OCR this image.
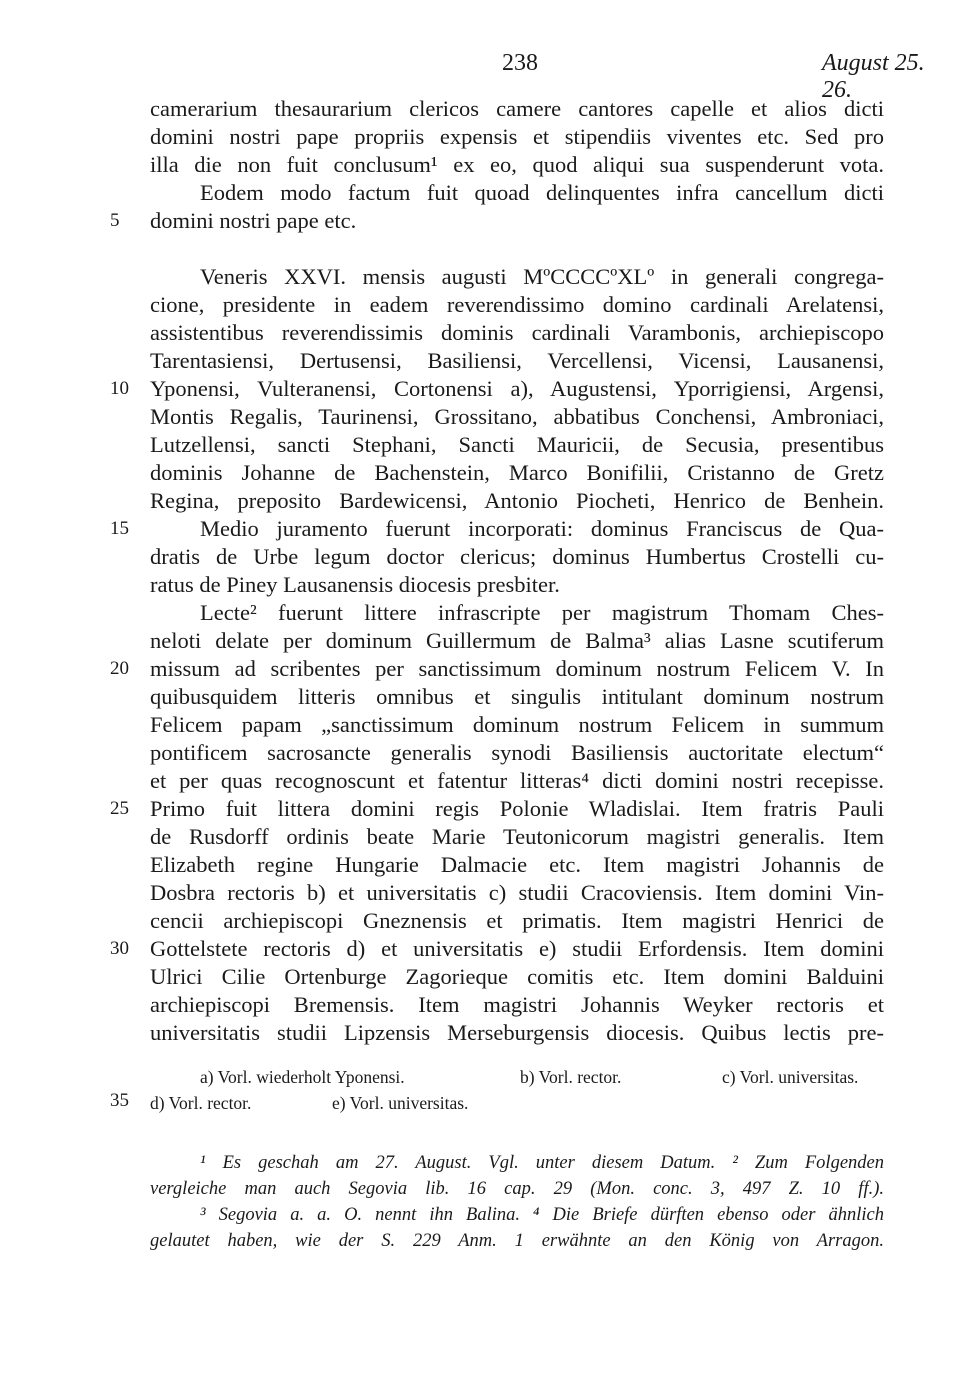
238	August 25. 26.
camerarium thesaurarium clericos camere cantores capelle et alios dicti
domini nostri pape propriis expensis et stipendiis viventes etc. Sed pro
illa die non fuit conclusum¹ ex eo, quod aliqui sua suspenderunt vota.
Eodem modo factum fuit quoad delinquentes infra cancellum dicti
domini nostri pape etc.
Veneris XXVI. mensis augusti MºCCCCºXLº in generali congrega-
cione, presidente in eadem reverendissimo domino cardinali Arelatensi,
assistentibus reverendissimis dominis cardinali Varambonis, archiepiscopo
Tarentasiensi, Dertusensi, Basiliensi, Vercellensi, Vicensi, Lausanensi,
Yponensi, Vulteranensi, Cortonensi a), Augustensi, Yporrigiensi, Argensi,
Montis Regalis, Taurinensi, Grossitano, abbatibus Conchensi, Ambroniaci,
Lutzellensi, sancti Stephani, Sancti Mauricii, de Secusia, presentibus
dominis Johanne de Bachenstein, Marco Bonifilii, Cristanno de Gretz
Regina, preposito Bardewicensi, Antonio Piocheti, Henrico de Benhein.
Medio juramento fuerunt incorporati: dominus Franciscus de Qua-
dratis de Urbe legum doctor clericus; dominus Humbertus Crostelli cu-
ratus de Piney Lausanensis diocesis presbiter.
Lecte² fuerunt littere infrascripte per magistrum Thomam Ches-
neloti delate per dominum Guillermum de Balma³ alias Lasne scutiferum
missum ad scribentes per sanctissimum dominum nostrum Felicem V. In
quibusquidem litteris omnibus et singulis intitulant dominum nostrum
Felicem papam „sanctissimum dominum nostrum Felicem in summum
pontificem sacrosancte generalis synodi Basiliensis auctoritate electum“
et per quas recognoscunt et fatentur litteras⁴ dicti domini nostri recepisse.
Primo fuit littera domini regis Polonie Wladislai. Item fratris Pauli
de Rusdorff ordinis beate Marie Teutonicorum magistri generalis. Item
Elizabeth regine Hungarie Dalmacie etc. Item magistri Johannis de
Dosbra rectoris b) et universitatis c) studii Cracoviensis. Item domini Vin-
cencii archiepiscopi Gneznensis et primatis. Item magistri Henrici de
Gottelstete rectoris d) et universitatis e) studii Erfordensis. Item domini
Ulrici Cilie Ortenburge Zagorieque comitis etc. Item domini Balduini
archiepiscopi Bremensis. Item magistri Johannis Weyker rectoris et
universitatis studii Lipzensis Merseburgensis diocesis. Quibus lectis pre-
5
10
15
20
25
30
35
a) Vorl. wiederholt Yponensi.	b) Vorl. rector.	c) Vorl. universitas.
d) Vorl. rector.	e) Vorl. universitas.
¹ Es geschah am 27. August. Vgl. unter diesem Datum. ² Zum Folgenden
vergleiche man auch Segovia lib. 16 cap. 29 (Mon. conc. 3, 497 Z. 10 ff.).
³ Segovia a. a. O. nennt ihn Balina. ⁴ Die Briefe dürften ebenso oder ähnlich
gelautet haben, wie der S. 229 Anm. 1 erwähnte an den König von Arragon.
